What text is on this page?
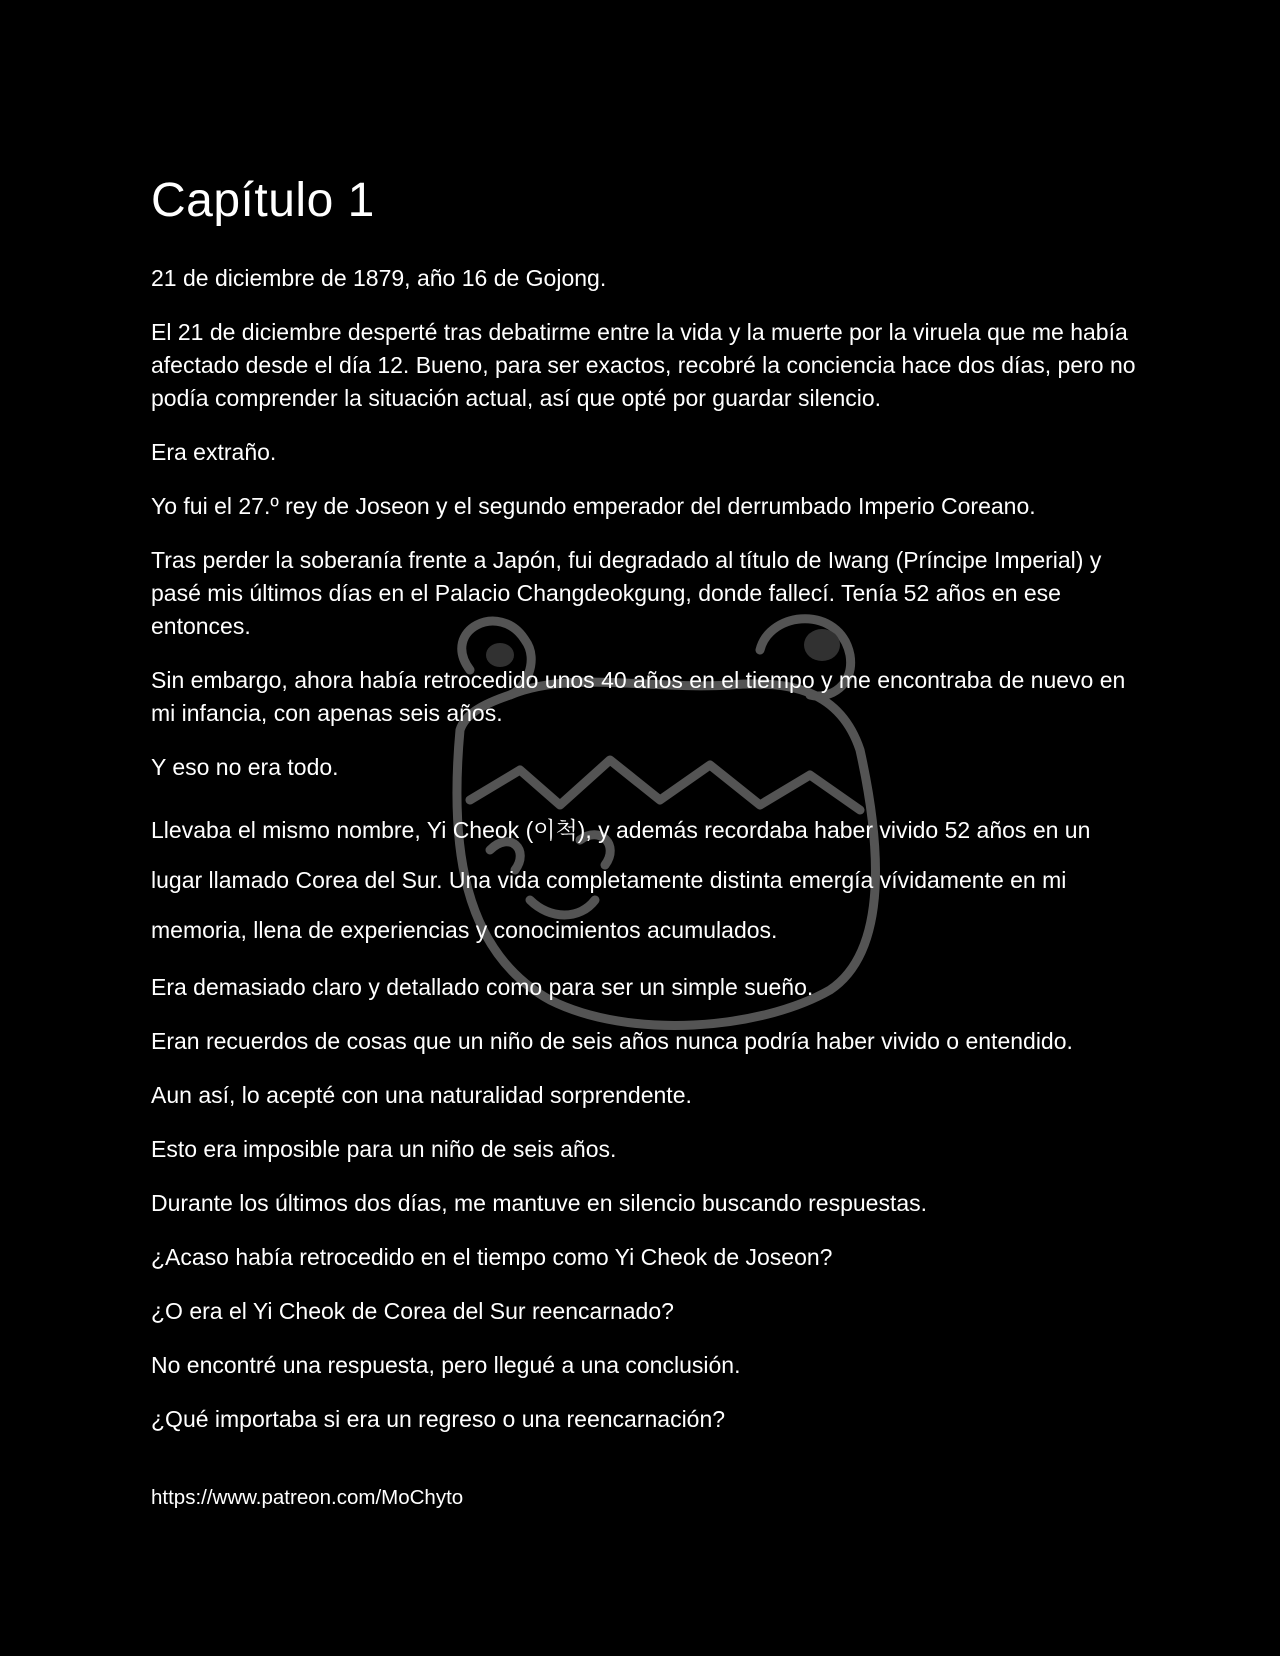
Capítulo 1

21 de diciembre de 1879, año 16 de Gojong.

El 21 de diciembre desperté tras debatirme entre la vida y la muerte por la viruela que me había afectado desde el día 12. Bueno, para ser exactos, recobré la conciencia hace dos días, pero no podía comprender la situación actual, así que opté por guardar silencio.

Era extraño.

Yo fui el 27.º rey de Joseon y el segundo emperador del derrumbado Imperio Coreano.

Tras perder la soberanía frente a Japón, fui degradado al título de Iwang (Príncipe Imperial) y pasé mis últimos días en el Palacio Changdeokgung, donde fallecí. Tenía 52 años en ese entonces.

Sin embargo, ahora había retrocedido unos 40 años en el tiempo y me encontraba de nuevo en mi infancia, con apenas seis años.

Y eso no era todo.

Llevaba el mismo nombre, Yi Cheok (이척), y además recordaba haber vivido 52 años en un lugar llamado Corea del Sur. Una vida completamente distinta emergía vívidamente en mi memoria, llena de experiencias y conocimientos acumulados.

Era demasiado claro y detallado como para ser un simple sueño.

Eran recuerdos de cosas que un niño de seis años nunca podría haber vivido o entendido.

Aun así, lo acepté con una naturalidad sorprendente.

Esto era imposible para un niño de seis años.

Durante los últimos dos días, me mantuve en silencio buscando respuestas.

¿Acaso había retrocedido en el tiempo como Yi Cheok de Joseon?

¿O era el Yi Cheok de Corea del Sur reencarnado?

No encontré una respuesta, pero llegué a una conclusión.

¿Qué importaba si era un regreso o una reencarnación?

https://www.patreon.com/MoChyto
